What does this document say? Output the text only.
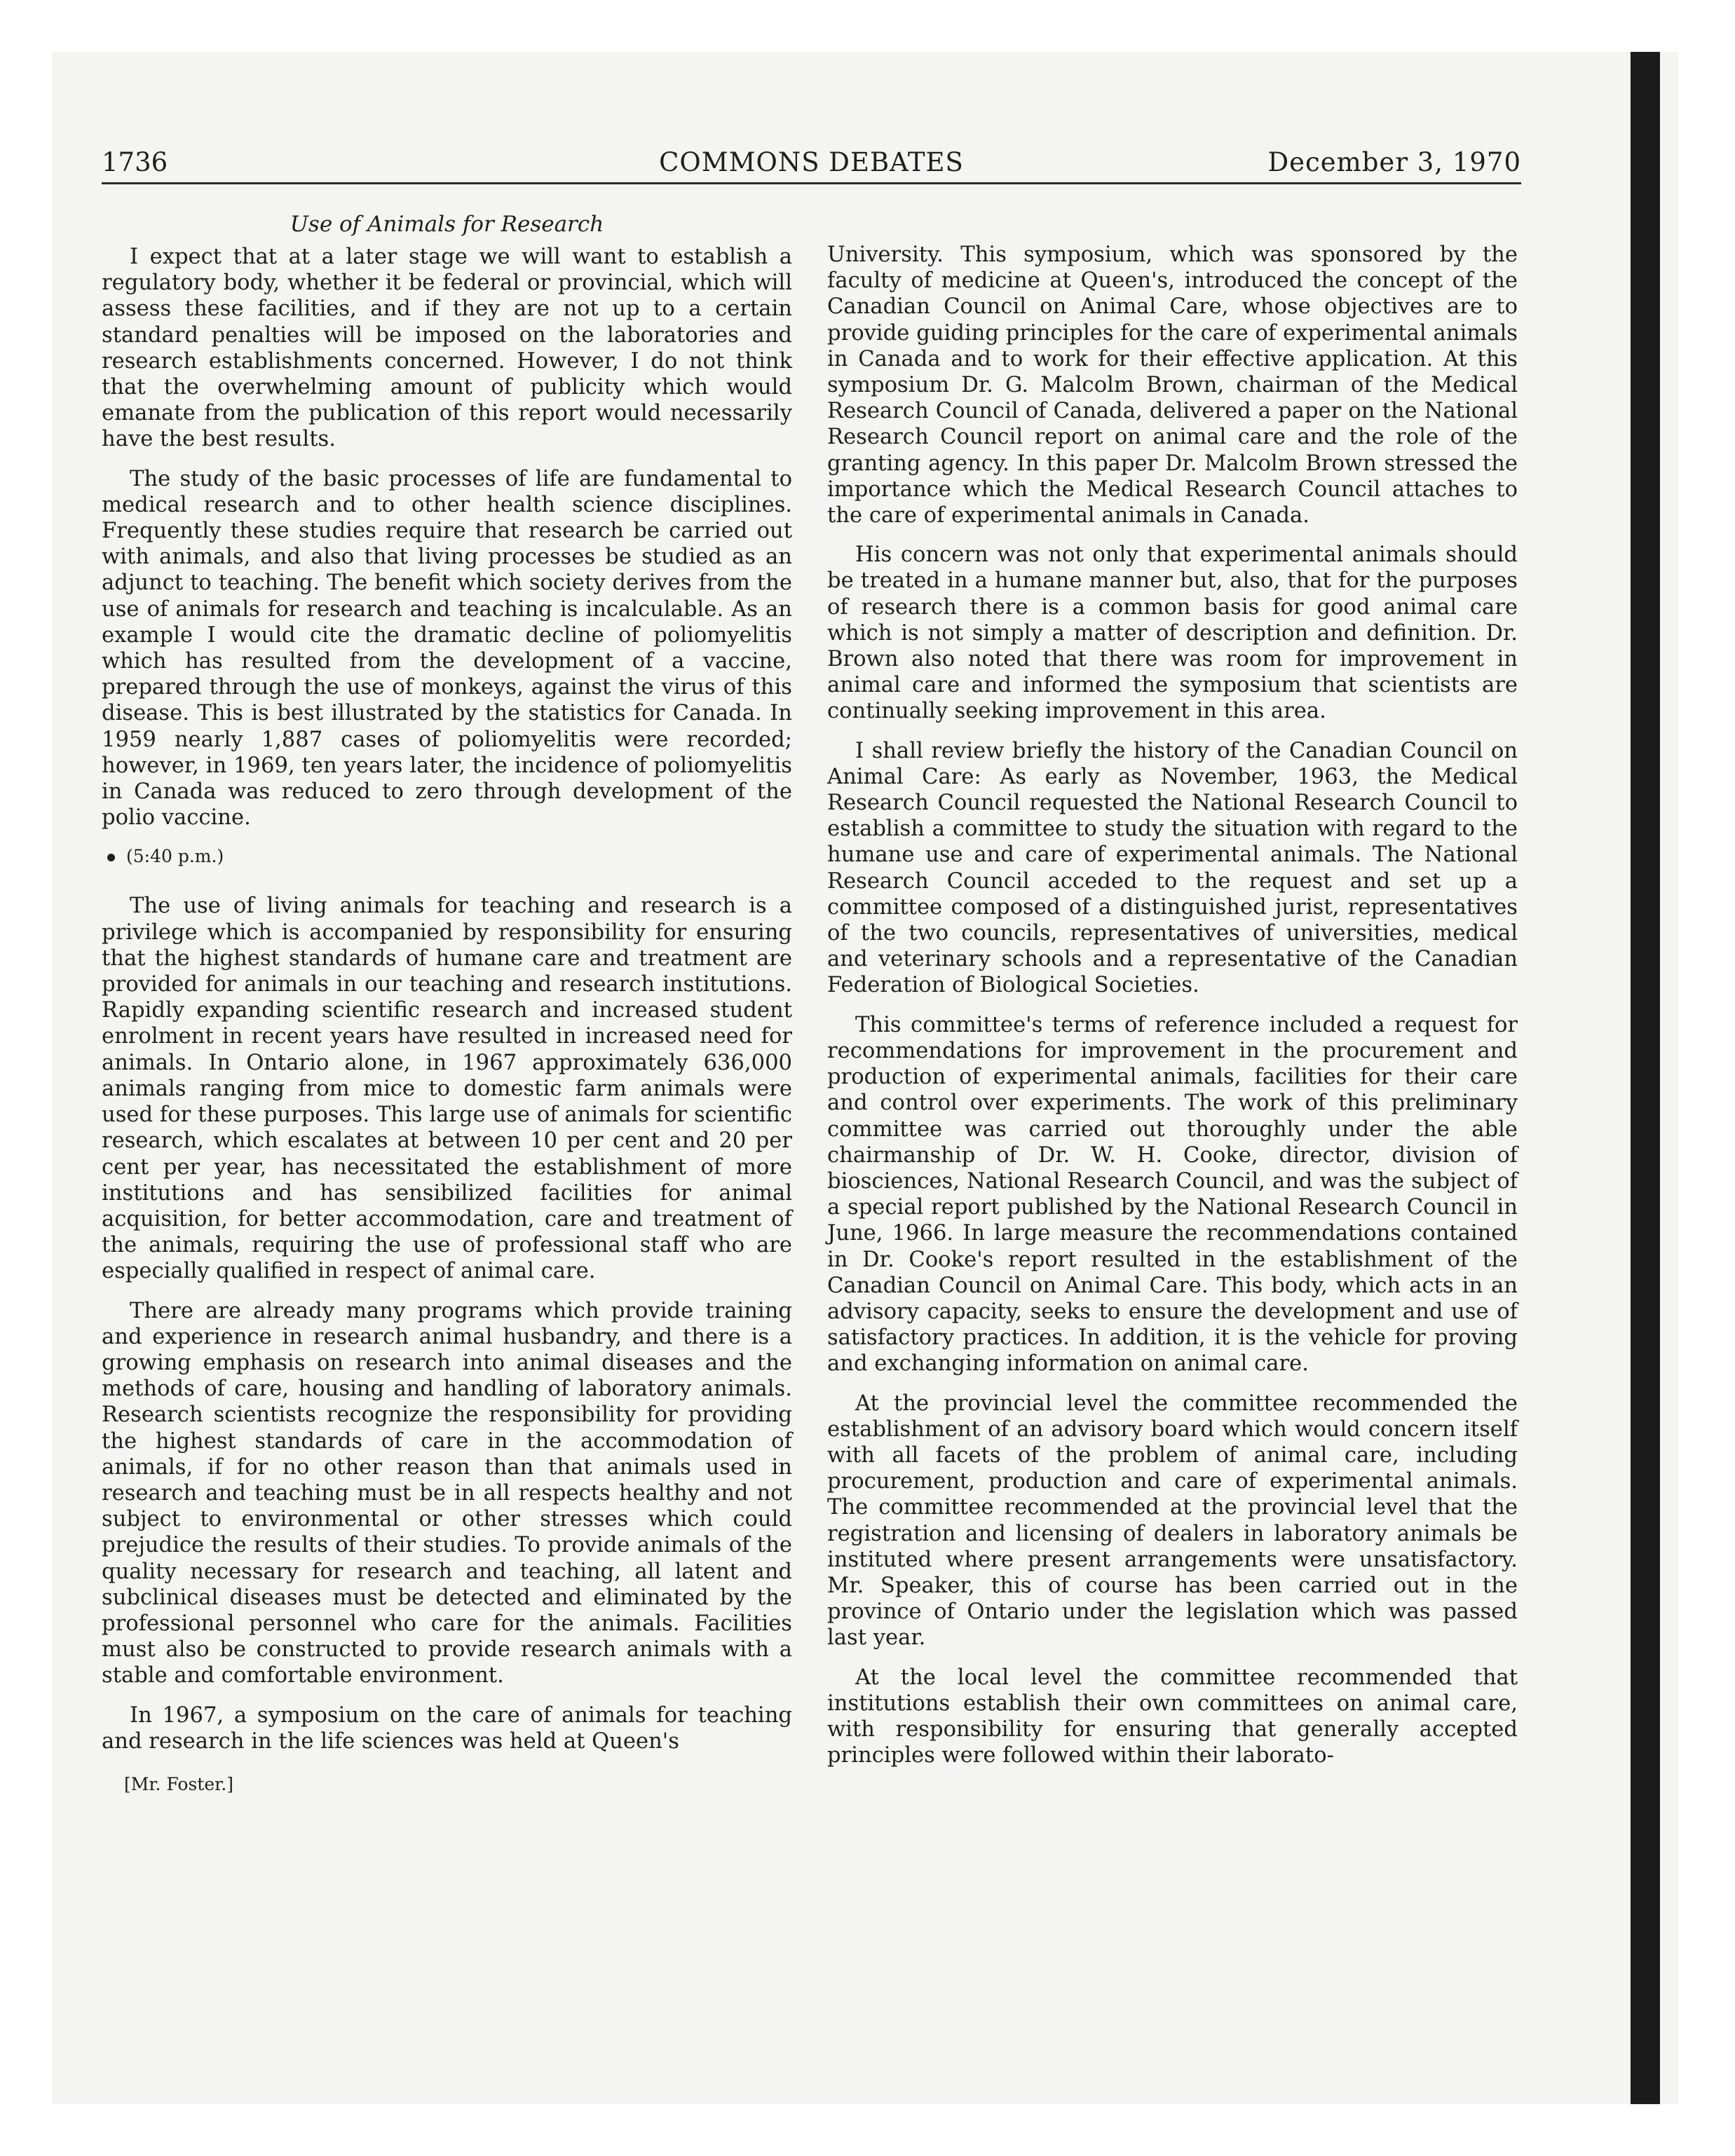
1736	COMMONS DEBATES	December 3, 1970
Use of Animals for Research

I expect that at a later stage we will want to establish a regulatory body, whether it be federal or provincial, which will assess these facilities, and if they are not up to a certain standard penalties will be imposed on the laboratories and research establishments concerned. However, I do not think that the overwhelming amount of publicity which would emanate from the publication of this report would necessarily have the best results.

The study of the basic processes of life are fundamental to medical research and to other health science disciplines. Frequently these studies require that research be carried out with animals, and also that living processes be studied as an adjunct to teaching. The benefit which society derives from the use of animals for research and teaching is incalculable. As an example I would cite the dramatic decline of poliomyelitis which has resulted from the development of a vaccine, prepared through the use of monkeys, against the virus of this disease. This is best illustrated by the statistics for Canada. In 1959 nearly 1,887 cases of poliomyelitis were recorded; however, in 1969, ten years later, the incidence of poliomyelitis in Canada was reduced to zero through development of the polio vaccine.

(5:40 p.m.)

The use of living animals for teaching and research is a privilege which is accompanied by responsibility for ensuring that the highest standards of humane care and treatment are provided for animals in our teaching and research institutions. Rapidly expanding scientific research and increased student enrolment in recent years have resulted in increased need for animals. In Ontario alone, in 1967 approximately 636,000 animals ranging from mice to domestic farm animals were used for these purposes. This large use of animals for scientific research, which escalates at between 10 per cent and 20 per cent per year, has necessitated the establishment of more institutions and has sensibilized facilities for animal acquisition, for better accommodation, care and treatment of the animals, requiring the use of professional staff who are especially qualified in respect of animal care.

There are already many programs which provide training and experience in research animal husbandry, and there is a growing emphasis on research into animal diseases and the methods of care, housing and handling of laboratory animals. Research scientists recognize the responsibility for providing the highest standards of care in the accommodation of animals, if for no other reason than that animals used in research and teaching must be in all respects healthy and not subject to environmental or other stresses which could prejudice the results of their studies. To provide animals of the quality necessary for research and teaching, all latent and subclinical diseases must be detected and eliminated by the professional personnel who care for the animals. Facilities must also be constructed to provide research animals with a stable and comfortable environment.

In 1967, a symposium on the care of animals for teaching and research in the life sciences was held at Queen's

[Mr. Foster.]

University. This symposium, which was sponsored by the faculty of medicine at Queen's, introduced the concept of the Canadian Council on Animal Care, whose objectives are to provide guiding principles for the care of experimental animals in Canada and to work for their effective application. At this symposium Dr. G. Malcolm Brown, chairman of the Medical Research Council of Canada, delivered a paper on the National Research Council report on animal care and the role of the granting agency. In this paper Dr. Malcolm Brown stressed the importance which the Medical Research Council attaches to the care of experimental animals in Canada.

His concern was not only that experimental animals should be treated in a humane manner but, also, that for the purposes of research there is a common basis for good animal care which is not simply a matter of description and definition. Dr. Brown also noted that there was room for improvement in animal care and informed the symposium that scientists are continually seeking improvement in this area.

I shall review briefly the history of the Canadian Council on Animal Care: As early as November, 1963, the Medical Research Council requested the National Research Council to establish a committee to study the situation with regard to the humane use and care of experimental animals. The National Research Council acceded to the request and set up a committee composed of a distinguished jurist, representatives of the two councils, representatives of universities, medical and veterinary schools and a representative of the Canadian Federation of Biological Societies.

This committee's terms of reference included a request for recommendations for improvement in the procurement and production of experimental animals, facilities for their care and control over experiments. The work of this preliminary committee was carried out thoroughly under the able chairmanship of Dr. W. H. Cooke, director, division of biosciences, National Research Council, and was the subject of a special report published by the National Research Council in June, 1966. In large measure the recommendations contained in Dr. Cooke's report resulted in the establishment of the Canadian Council on Animal Care. This body, which acts in an advisory capacity, seeks to ensure the development and use of satisfactory practices. In addition, it is the vehicle for proving and exchanging information on animal care.

At the provincial level the committee recommended the establishment of an advisory board which would concern itself with all facets of the problem of animal care, including procurement, production and care of experimental animals. The committee recommended at the provincial level that the registration and licensing of dealers in laboratory animals be instituted where present arrangements were unsatisfactory. Mr. Speaker, this of course has been carried out in the province of Ontario under the legislation which was passed last year.

At the local level the committee recommended that institutions establish their own committees on animal care, with responsibility for ensuring that generally accepted principles were followed within their laborato-
